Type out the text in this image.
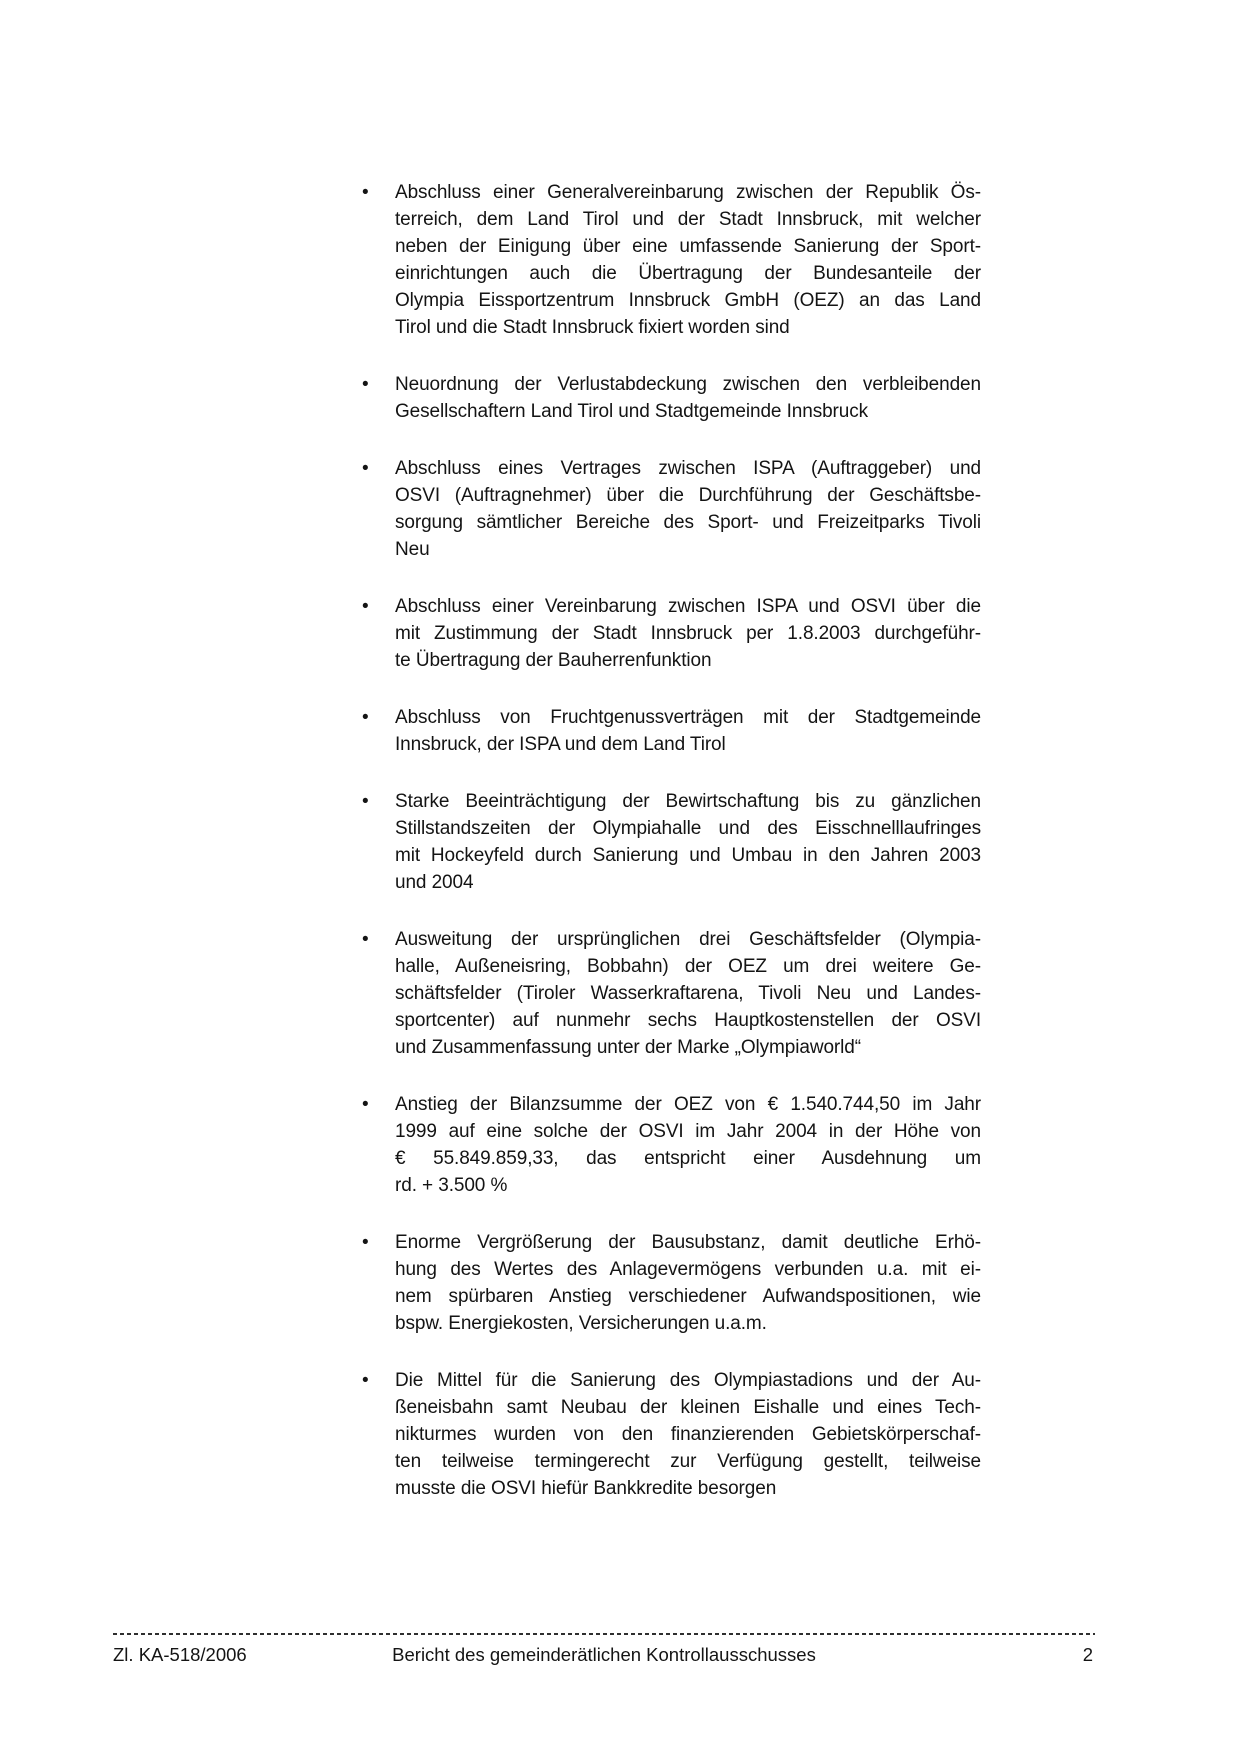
•	Abschluss einer Generalvereinbarung zwischen der Republik Ös-
terreich, dem Land Tirol und der Stadt Innsbruck, mit welcher
neben der Einigung über eine umfassende Sanierung der Sport-
einrichtungen auch die Übertragung der Bundesanteile der
Olympia Eissportzentrum Innsbruck GmbH (OEZ) an das Land
Tirol und die Stadt Innsbruck fixiert worden sind
•	Neuordnung der Verlustabdeckung zwischen den verbleibenden
Gesellschaftern Land Tirol und Stadtgemeinde Innsbruck
•	Abschluss eines Vertrages zwischen ISPA (Auftraggeber) und
OSVI (Auftragnehmer) über die Durchführung der Geschäftsbe-
sorgung sämtlicher Bereiche des Sport- und Freizeitparks Tivoli
Neu
•	Abschluss einer Vereinbarung zwischen ISPA und OSVI über die
mit Zustimmung der Stadt Innsbruck per 1.8.2003 durchgeführ-
te Übertragung der Bauherrenfunktion
•	Abschluss von Fruchtgenussverträgen mit der Stadtgemeinde
Innsbruck, der ISPA und dem Land Tirol
•	Starke Beeinträchtigung der Bewirtschaftung bis zu gänzlichen
Stillstandszeiten der Olympiahalle und des Eisschnelllaufringes
mit Hockeyfeld durch Sanierung und Umbau in den Jahren 2003
und 2004
•	Ausweitung der ursprünglichen drei Geschäftsfelder (Olympia-
halle, Außeneisring, Bobbahn) der OEZ um drei weitere Ge-
schäftsfelder (Tiroler Wasserkraftarena, Tivoli Neu und Landes-
sportcenter) auf nunmehr sechs Hauptkostenstellen der OSVI
und Zusammenfassung unter der Marke „Olympiaworld“
•	Anstieg der Bilanzsumme der OEZ von € 1.540.744,50 im Jahr
1999 auf eine solche der OSVI im Jahr 2004 in der Höhe von
€ 55.849.859,33, das entspricht einer Ausdehnung um
rd. + 3.500 %
•	Enorme Vergrößerung der Bausubstanz, damit deutliche Erhö-
hung des Wertes des Anlagevermögens verbunden u.a. mit ei-
nem spürbaren Anstieg verschiedener Aufwandspositionen, wie
bspw. Energiekosten, Versicherungen u.a.m.
•	Die Mittel für die Sanierung des Olympiastadions und der Au-
ßeneisbahn samt Neubau der kleinen Eishalle und eines Tech-
nikturmes wurden von den finanzierenden Gebietskörperschaf-
ten teilweise termingerecht zur Verfügung gestellt, teilweise
musste die OSVI hiefür Bankkredite besorgen
Zl. KA-518/2006	Bericht des gemeinderätlichen Kontrollausschusses	2
